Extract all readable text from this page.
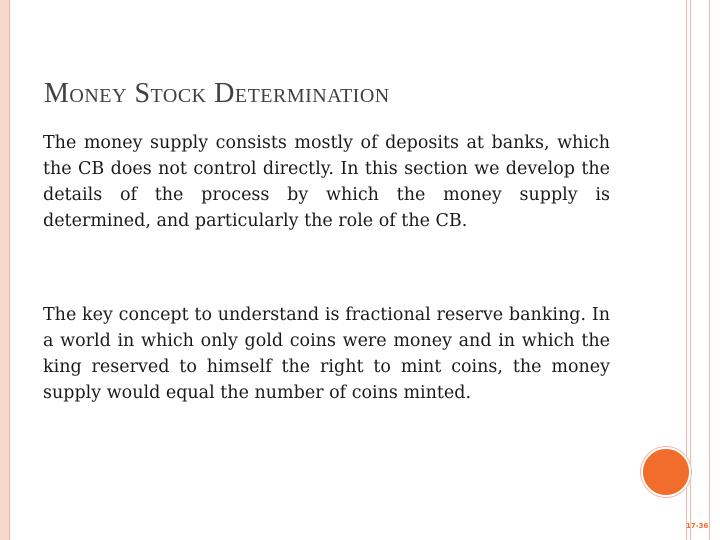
MONEY STOCK DETERMINATION

The money supply consists mostly of deposits at banks, which the CB does not control directly. In this section we develop the details of the process by which the money supply is determined, and particularly the role of the CB.

The key concept to understand is fractional reserve banking. In a world in which only gold coins were money and in which the king reserved to himself the right to mint coins, the money supply would equal the number of coins minted.

17-36
